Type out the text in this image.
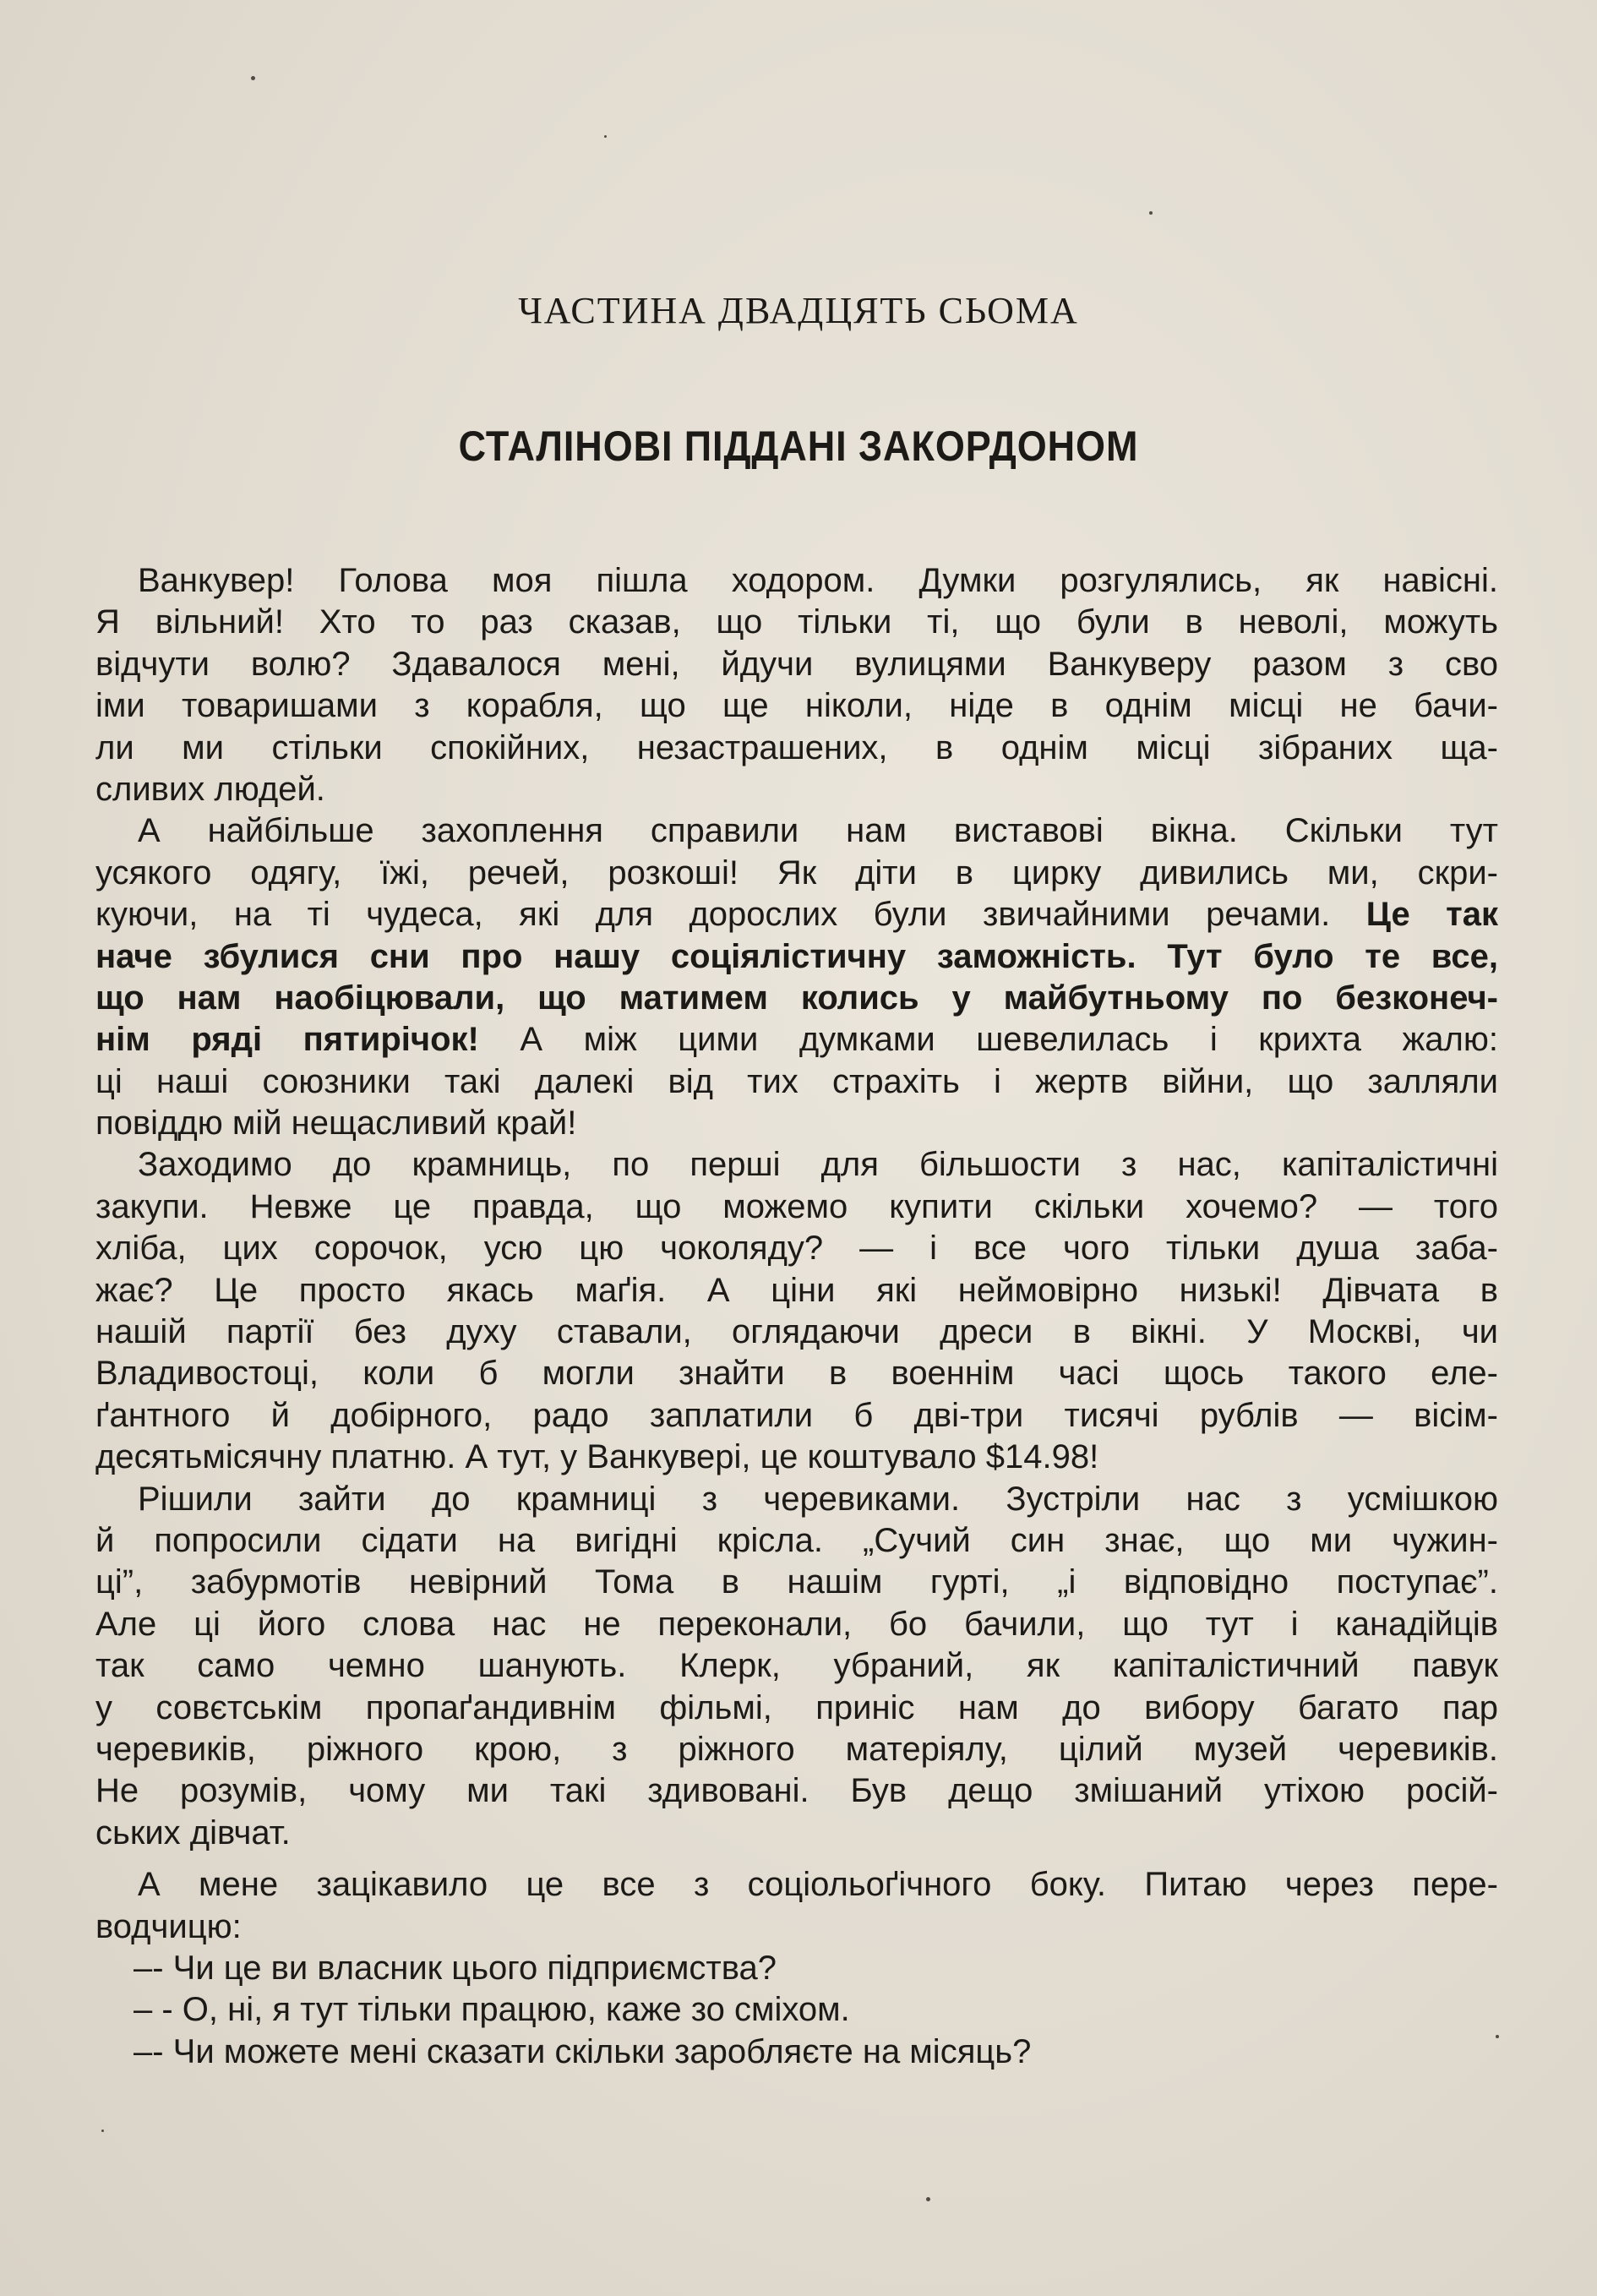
ЧАСТИНА ДВАДЦЯТЬ СЬОМА
СТАЛІНОВІ ПІДДАНІ ЗАКОРДОНОМ
Ванкувер! Голова моя пішла ходором. Думки розгулялись, як навісні.
Я вільний! Хто то раз сказав, що тільки ті, що були в неволі, можуть
відчути волю? Здавалося мені, йдучи вулицями Ванкуверу разом з сво
іми товаришами з корабля, що ще ніколи, ніде в однім місці не бачи-
ли ми стільки спокійних, незастрашених, в однім місці зібраних ща-
сливих людей.
А найбільше захоплення справили нам виставові вікна. Скільки тут
усякого одягу, їжі, речей, розкоші! Як діти в цирку дивились ми, скри-
куючи, на ті чудеса, які для дорослих були звичайними речами. Це так
наче збулися сни про нашу соціялістичну заможність. Тут було те все,
що нам наобіцювали, що матимем колись у майбутньому по безконеч-
нім ряді пятирічок! А між цими думками шевелилась і крихта жалю:
ці наші союзники такі далекі від тих страхіть і жертв війни, що залляли
повіддю мій нещасливий край!
Заходимо до крамниць, по перші для більшости з нас, капіталістичні
закупи. Невже це правда, що можемо купити скільки хочемо? — того
хліба, цих сорочок, усю цю чоколяду? — і все чого тільки душа заба-
жає? Це просто якась маґія. А ціни які неймовірно низькі! Дівчата в
нашій партії без духу ставали, оглядаючи дреси в вікні. У Москві, чи
Владивостоці, коли б могли знайти в военнім часі щось такого еле-
ґантного й добірного, радо заплатили б дві-три тисячі рублів — вісім-
десятьмісячну платню. А тут, у Ванкувері, це коштувало $14.98!
Рішили зайти до крамниці з черевиками. Зустріли нас з усмішкою
й попросили сідати на вигідні крісла. „Сучий син знає, що ми чужин-
ці”, забурмотів невірний Тома в нашім гурті, „і відповідно поступає”.
Але ці його слова нас не переконали, бо бачили, що тут і канадійців
так само чемно шанують. Клерк, убраний, як капіталістичний павук
у совєтськім пропаґандивнім фільмі, приніс нам до вибору багато пар
черевиків, ріжного крою, з ріжного матеріялу, цілий музей черевиків.
Не розумів, чому ми такі здивовані. Був дещо змішаний утіхою росій-
ських дівчат.
А мене зацікавило це все з соціольоґічного боку. Питаю через пере-
водчицю:
–- Чи це ви власник цього підприємства?
– - О, ні, я тут тільки працюю, каже зо сміхом.
–- Чи можете мені сказати скільки заробляєте на місяць?
